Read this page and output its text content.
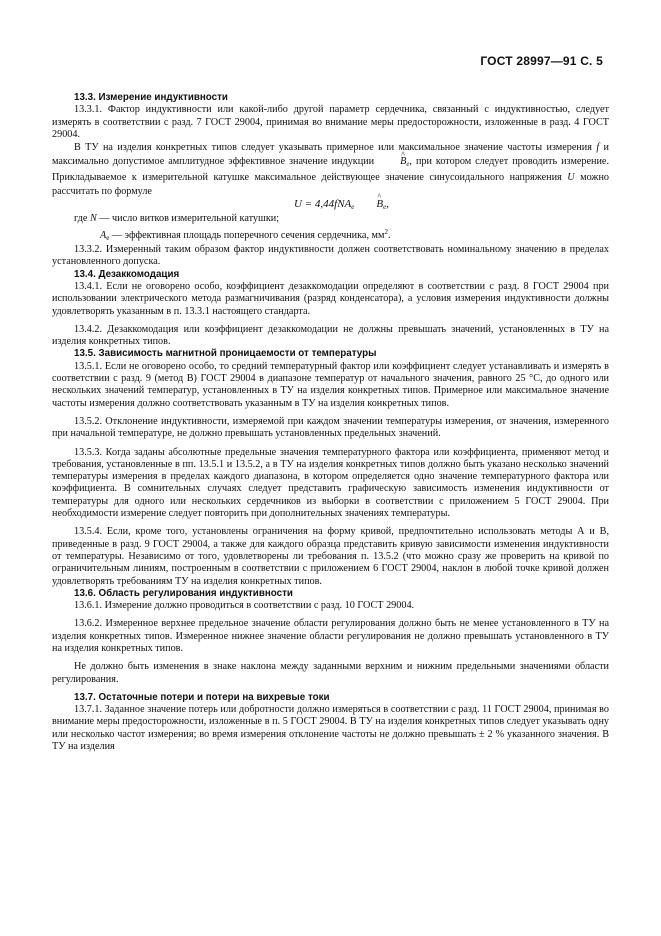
ГОСТ 28997—91 С. 5

13.3. Измерение индуктивности

13.3.1. Фактор индуктивности или какой-либо другой параметр сердечника, связанный с индуктивностью, следует измерять в соответствии с разд. 7 ГОСТ 29004, принимая во внимание меры предосторожности, изложенные в разд. 4 ГОСТ 29004.

В ТУ на изделия конкретных типов следует указывать примерное или максимальное значение частоты измерения f и максимально допустимое амплитудное эффективное значение индукции	^ $B_e$, при котором следует проводить измерение. Прикладываемое к измерительной катушке максимальное действующее значение синусоидального напряжения U можно рассчитать по формуле

U = 4,44fNA$_e$ ^ $B_e$,

где N — число витков измерительной катушки;

$A_e$ — эффективная площадь поперечного сечения сердечника, $мм^2$.

13.3.2. Измеренный таким образом фактор индуктивности должен соответствовать номинальному значению в пределах установленного допуска.

13.4. Дезаккомодация

13.4.1. Если не оговорено особо, коэффициент дезаккомодации определяют в соответствии с разд. 8 ГОСТ 29004 при использовании электрического метода размагничивания (разряд конденсатора), а условия измерения индуктивности должны удовлетворять указанным в п. 13.3.1 настоящего стандарта.

13.4.2. Дезаккомодация или коэффициент дезаккомодации не должны превышать значений, установленных в ТУ на изделия конкретных типов.

13.5. Зависимость магнитной проницаемости от температуры

13.5.1. Если не оговорено особо, то средний температурный фактор или коэффициент следует устанавливать и измерять в соответствии с разд. 9 (метод В) ГОСТ 29004 в диапазоне температур от начального значения, равного 25 °С, до одного или нескольких значений температур, установленных в ТУ на изделия конкретных типов. Примерное или максимальное значение частоты измерения должно соответствовать указанным в ТУ на изделия конкретных типов.

13.5.2. Отклонение индуктивности, измеряемой при каждом значении температуры измерения, от значения, измеренного при начальной температуре, не должно превышать установленных предельных значений.

13.5.3. Когда заданы абсолютные предельные значения температурного фактора или коэффициента, применяют метод и требования, установленные в пп. 13.5.1 и 13.5.2, а в ТУ на изделия конкретных типов должно быть указано несколько значений температуры измерения в пределах каждого диапазона, в котором определяется одно значение температурного фактора или коэффициента. В сомнительных случаях следует представить графическую зависимость изменения индуктивности от температуры для одного или нескольких сердечников из выборки в соответствии с приложением 5 ГОСТ 29004. При необходимости измерение следует повторить при дополнительных значениях температуры.

13.5.4. Если, кроме того, установлены ограничения на форму кривой, предпочтительно использовать методы А и В, приведенные в разд. 9 ГОСТ 29004, а также для каждого образца представить кривую зависимости изменения индуктивности от температуры. Независимо от того, удовлетворены ли требования п. 13.5.2 (что можно сразу же проверить на кривой по ограничительным линиям, построенным в соответствии с приложением 6 ГОСТ 29004, наклон в любой точке кривой должен удовлетворять требованиям ТУ на изделия конкретных типов.

13.6. Область регулирования индуктивности

13.6.1. Измерение должно проводиться в соответствии с разд. 10 ГОСТ 29004.

13.6.2. Измеренное верхнее предельное значение области регулирования должно быть не менее установленного в ТУ на изделия конкретных типов. Измеренное нижнее значение области регулирования не должно превышать установленного в ТУ на изделия конкретных типов.

Не должно быть изменения в знаке наклона между заданными верхним и нижним предельными значениями области регулирования.

13.7. Остаточные потери и потери на вихревые токи

13.7.1. Заданное значение потерь или добротности должно измеряться в соответствии с разд. 11 ГОСТ 29004, принимая во внимание меры предосторожности, изложенные в п. 5 ГОСТ 29004. В ТУ на изделия конкретных типов следует указывать одну или несколько частот измерения; во время измерения отклонение частоты не должно превышать ± 2 % указанного значения. В ТУ на изделия
